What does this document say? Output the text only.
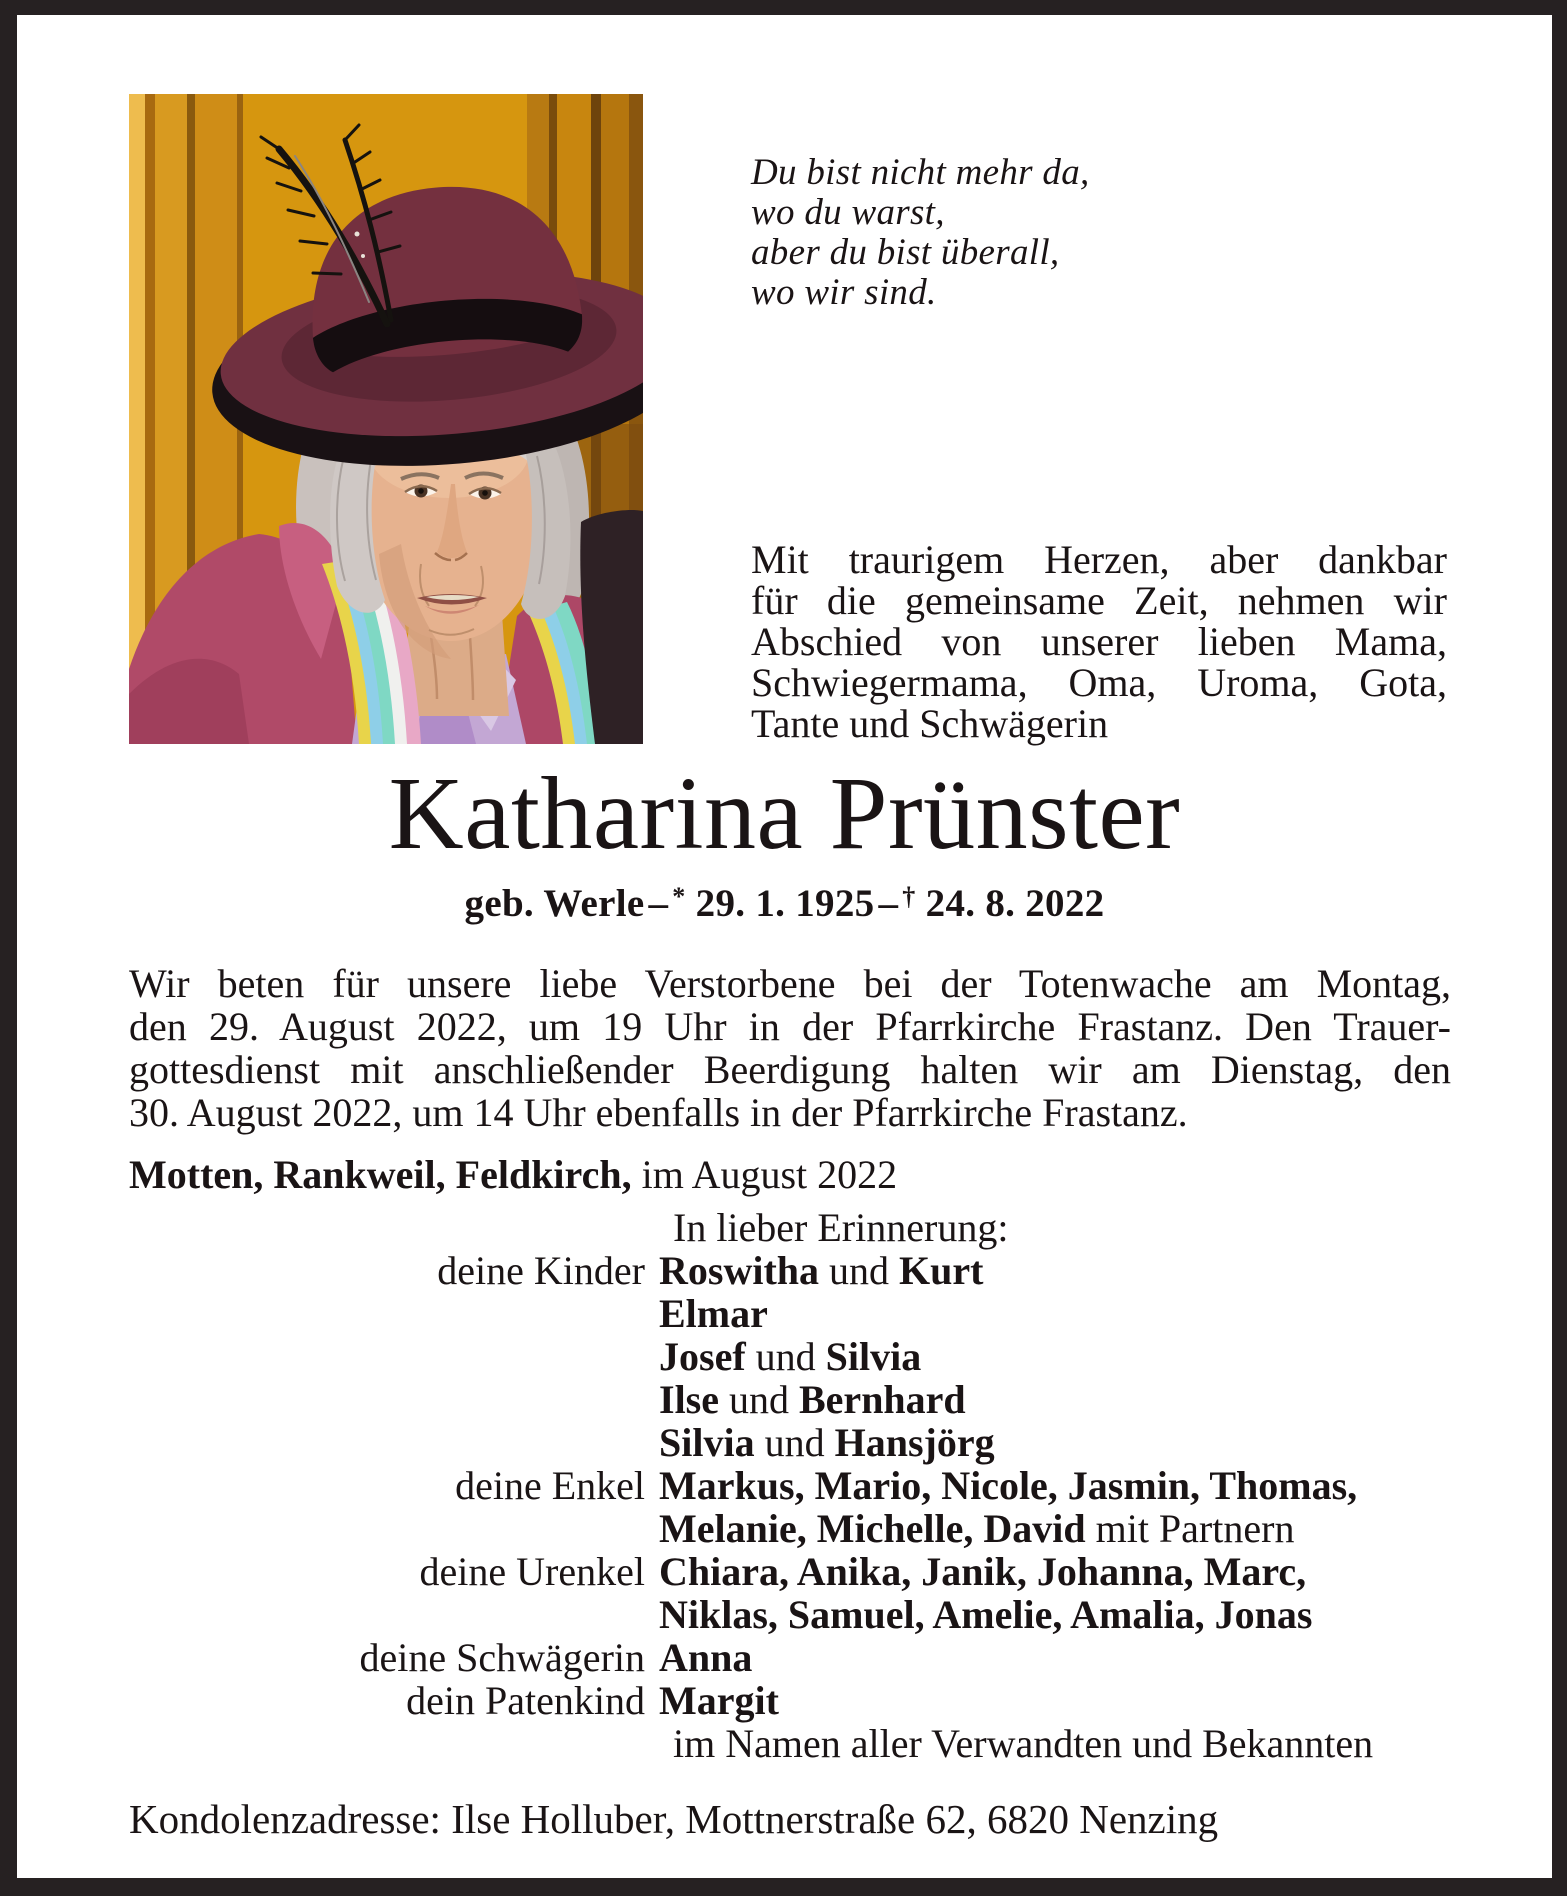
Du bist nicht mehr da,
wo du warst,
aber du bist überall,
wo wir sind.
Mit traurigem Herzen, aber dankbar
für die gemeinsame Zeit, nehmen wir
Abschied von unserer lieben Mama,
Schwiegermama, Oma, Uroma, Gota,
Tante und Schwägerin
Katharina Prünster
geb. Werle – * 29. 1. 1925 – † 24. 8. 2022
Wir beten für unsere liebe Verstorbene bei der Totenwache am Montag,
den 29. August 2022, um 19 Uhr in der Pfarrkirche Frastanz. Den Trauer-
gottesdienst mit anschließender Beerdigung halten wir am Dienstag, den
30. August 2022, um 14 Uhr ebenfalls in der Pfarrkirche Frastanz.
Motten, Rankweil, Feldkirch, im August 2022
In lieber Erinnerung:
deine Kinder Roswitha und Kurt
Elmar
Josef und Silvia
Ilse und Bernhard
Silvia und Hansjörg
deine Enkel Markus, Mario, Nicole, Jasmin, Thomas,
Melanie, Michelle, David mit Partnern
deine Urenkel Chiara, Anika, Janik, Johanna, Marc,
Niklas, Samuel, Amelie, Amalia, Jonas
deine Schwägerin Anna
dein Patenkind Margit
im Namen aller Verwandten und Bekannten
Kondolenzadresse: Ilse Holluber, Mottnerstraße 62, 6820 Nenzing
